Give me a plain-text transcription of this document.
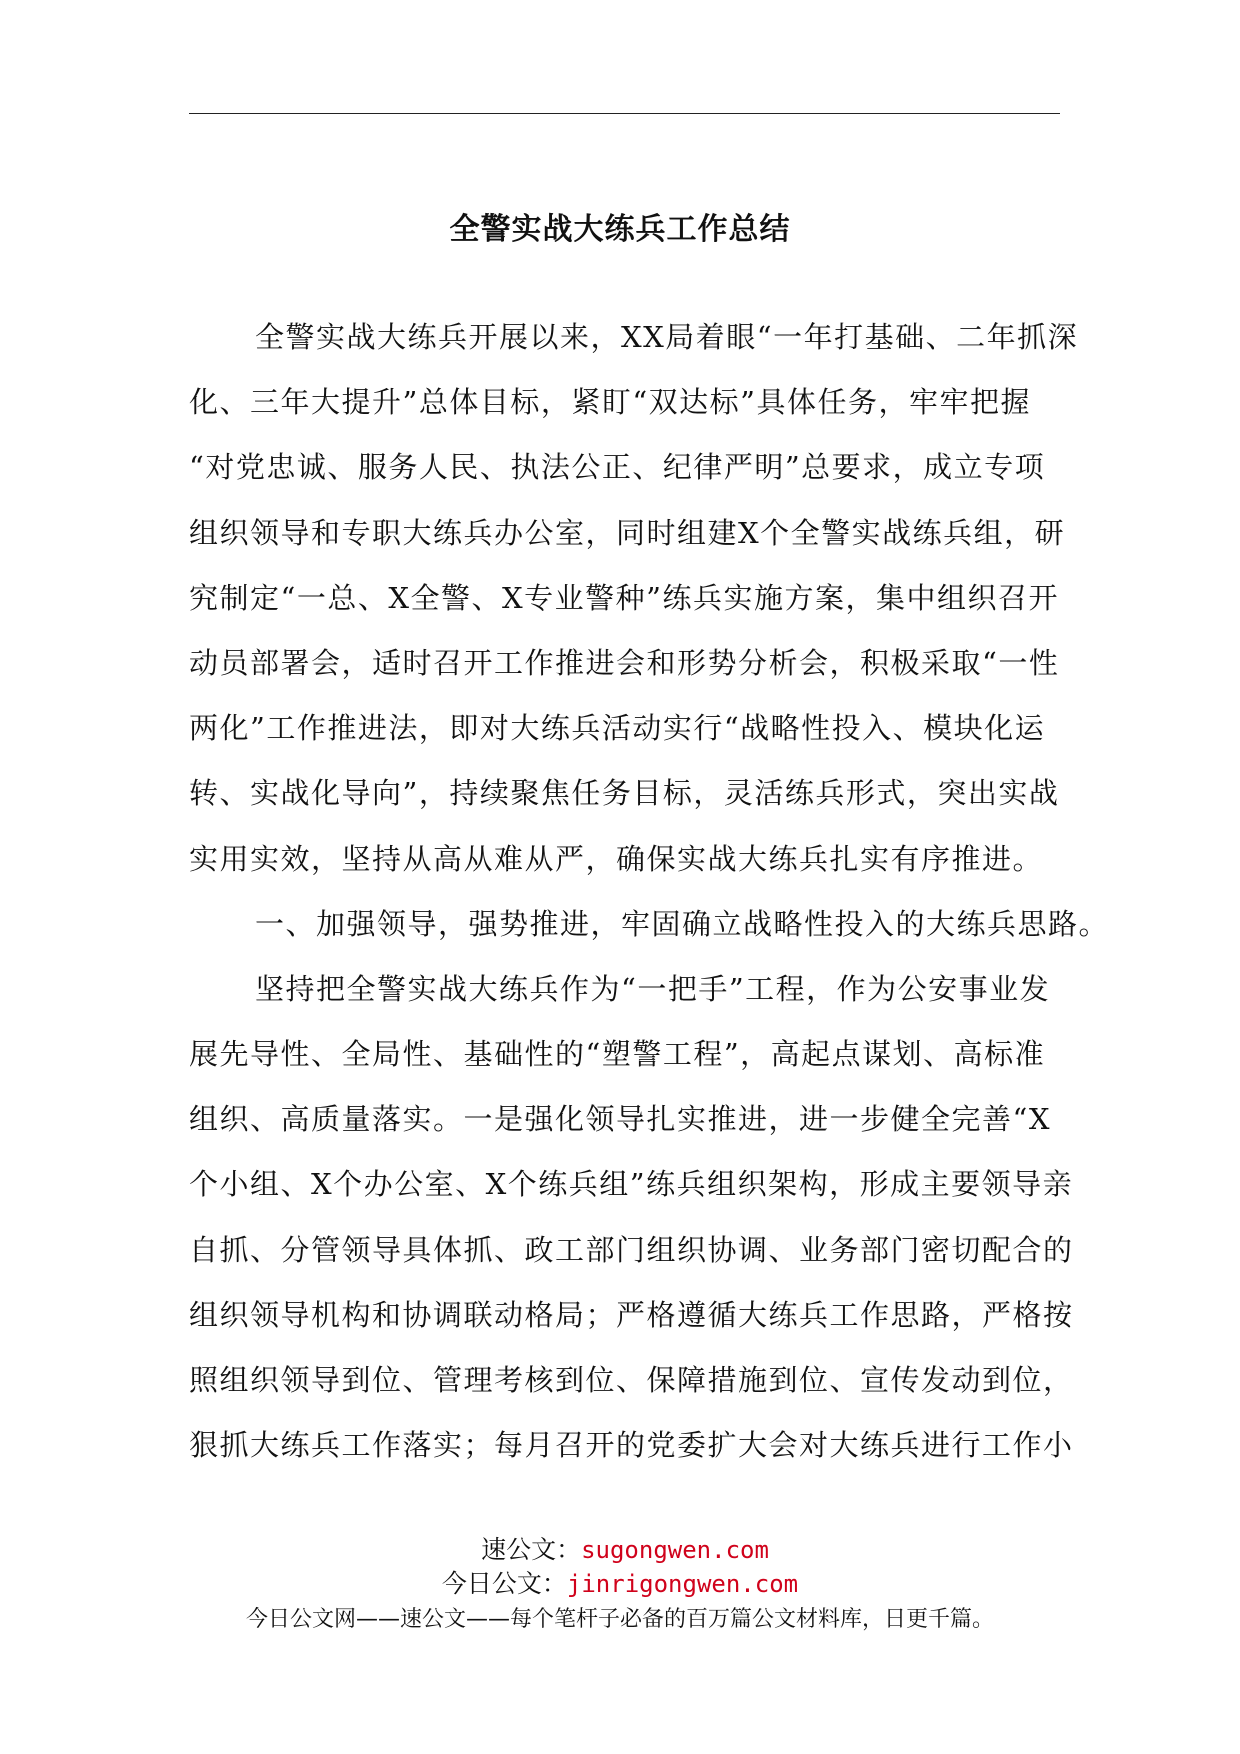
全警实战大练兵工作总结
全警实战大练兵开展以来，XX局着眼“一年打基础、二年抓深
化、三年大提升”总体目标，紧盯“双达标”具体任务，牢牢把握
“对党忠诚、服务人民、执法公正、纪律严明”总要求，成立专项
组织领导和专职大练兵办公室，同时组建X个全警实战练兵组，研
究制定“一总、X全警、X专业警种”练兵实施方案，集中组织召开
动员部署会，适时召开工作推进会和形势分析会，积极采取“一性
两化”工作推进法，即对大练兵活动实行“战略性投入、模块化运
转、实战化导向”，持续聚焦任务目标，灵活练兵形式，突出实战
实用实效，坚持从高从难从严，确保实战大练兵扎实有序推进。
一、加强领导，强势推进，牢固确立战略性投入的大练兵思路。
坚持把全警实战大练兵作为“一把手”工程，作为公安事业发
展先导性、全局性、基础性的“塑警工程”，高起点谋划、高标准
组织、高质量落实。一是强化领导扎实推进，进一步健全完善“X
个小组、X个办公室、X个练兵组”练兵组织架构，形成主要领导亲
自抓、分管领导具体抓、政工部门组织协调、业务部门密切配合的
组织领导机构和协调联动格局；严格遵循大练兵工作思路，严格按
照组织领导到位、管理考核到位、保障措施到位、宣传发动到位，
狠抓大练兵工作落实；每月召开的党委扩大会对大练兵进行工作小
速公文：sugongwen.com
今日公文：jinrigongwen.com
今日公文网——速公文——每个笔杆子必备的百万篇公文材料库，日更千篇。
